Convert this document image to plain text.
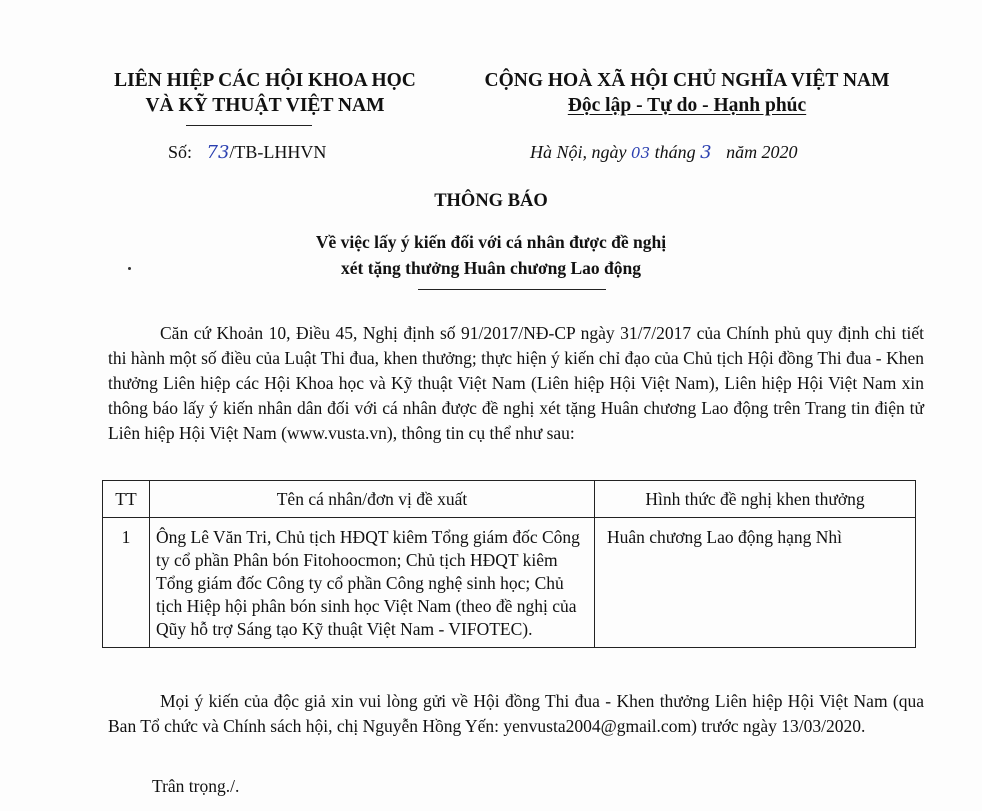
LIÊN HIỆP CÁC HỘI KHOA HỌC
VÀ KỸ THUẬT VIỆT NAM
CỘNG HOÀ XÃ HỘI CHỦ NGHĨA VIỆT NAM
Độc lập - Tự do - Hạnh phúc
Số: 73/TB-LHHVN	Hà Nội, ngày 03 tháng 3 năm 2020
THÔNG BÁO
Về việc lấy ý kiến đối với cá nhân được đề nghị
xét tặng thưởng Huân chương Lao động
Căn cứ Khoản 10, Điều 45, Nghị định số 91/2017/NĐ-CP ngày 31/7/2017 của Chính phủ quy định chi tiết thi hành một số điều của Luật Thi đua, khen thưởng; thực hiện ý kiến chỉ đạo của Chủ tịch Hội đồng Thi đua - Khen thưởng Liên hiệp các Hội Khoa học và Kỹ thuật Việt Nam (Liên hiệp Hội Việt Nam), Liên hiệp Hội Việt Nam xin thông báo lấy ý kiến nhân dân đối với cá nhân được đề nghị xét tặng Huân chương Lao động trên Trang tin điện tử Liên hiệp Hội Việt Nam (www.vusta.vn), thông tin cụ thể như sau:
TT	Tên cá nhân/đơn vị đề xuất	Hình thức đề nghị khen thưởng
1	Ông Lê Văn Tri, Chủ tịch HĐQT kiêm Tổng giám đốc Công ty cổ phần Phân bón Fitohoocmon; Chủ tịch HĐQT kiêm Tổng giám đốc Công ty cổ phần Công nghệ sinh học; Chủ tịch Hiệp hội phân bón sinh học Việt Nam (theo đề nghị của Qũy hỗ trợ Sáng tạo Kỹ thuật Việt Nam - VIFOTEC).	Huân chương Lao động hạng Nhì
Mọi ý kiến của độc giả xin vui lòng gửi về Hội đồng Thi đua - Khen thưởng Liên hiệp Hội Việt Nam (qua Ban Tổ chức và Chính sách hội, chị Nguyễn Hồng Yến: yenvusta2004@gmail.com) trước ngày 13/03/2020.
Trân trọng./.
